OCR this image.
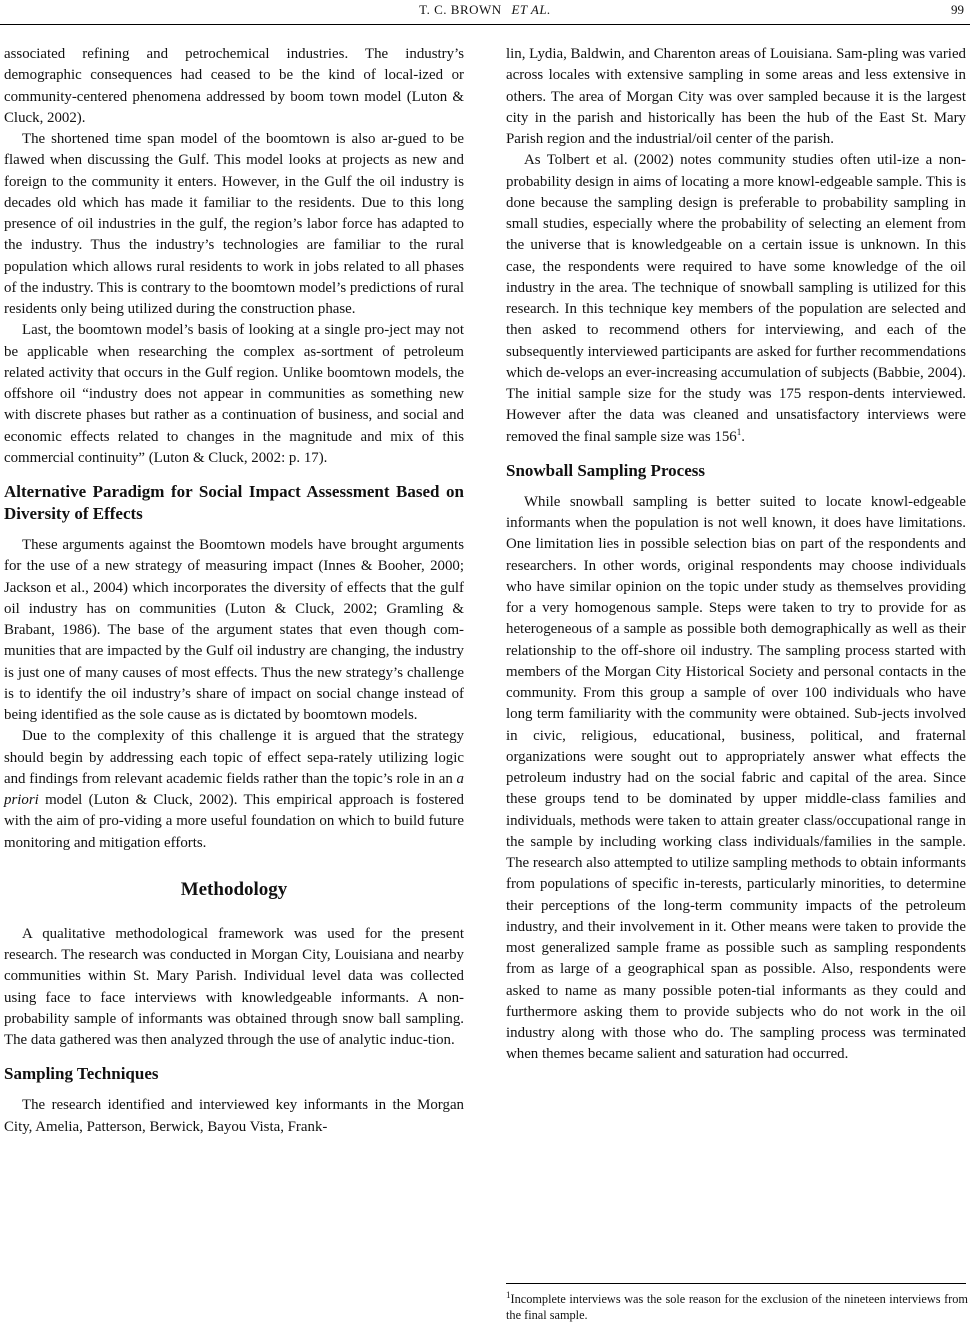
T. C. BROWN ET AL.	99

associated refining and petrochemical industries. The industry’s demographic consequences had ceased to be the kind of local-ized or community-centered phenomena addressed by boom town model (Luton & Cluck, 2002).

The shortened time span model of the boomtown is also ar-gued to be flawed when discussing the Gulf. This model looks at projects as new and foreign to the community it enters. However, in the Gulf the oil industry is decades old which has made it familiar to the residents. Due to this long presence of oil industries in the gulf, the region’s labor force has adapted to the industry. Thus the industry’s technologies are familiar to the rural population which allows rural residents to work in jobs related to all phases of the industry. This is contrary to the boomtown model’s predictions of rural residents only being utilized during the construction phase.

Last, the boomtown model’s basis of looking at a single pro-ject may not be applicable when researching the complex as-sortment of petroleum related activity that occurs in the Gulf region. Unlike boomtown models, the offshore oil “industry does not appear in communities as something new with discrete phases but rather as a continuation of business, and social and economic effects related to changes in the magnitude and mix of this commercial continuity” (Luton & Cluck, 2002: p. 17).

Alternative Paradigm for Social Impact Assessment Based on Diversity of Effects

These arguments against the Boomtown models have brought arguments for the use of a new strategy of measuring impact (Innes & Booher, 2000; Jackson et al., 2004) which incorporates the diversity of effects that the gulf oil industry has on communities (Luton & Cluck, 2002; Gramling & Brabant, 1986). The base of the argument states that even though com-munities that are impacted by the Gulf oil industry are changing, the industry is just one of many causes of most effects. Thus the new strategy’s challenge is to identify the oil industry’s share of impact on social change instead of being identified as the sole cause as is dictated by boomtown models.

Due to the complexity of this challenge it is argued that the strategy should begin by addressing each topic of effect sepa-rately utilizing logic and findings from relevant academic fields rather than the topic’s role in an a priori model (Luton & Cluck, 2002). This empirical approach is fostered with the aim of pro-viding a more useful foundation on which to build future monitoring and mitigation efforts.

Methodology

A qualitative methodological framework was used for the present research. The research was conducted in Morgan City, Louisiana and nearby communities within St. Mary Parish. Individual level data was collected using face to face interviews with knowledgeable informants. A non-probability sample of informants was obtained through snow ball sampling. The data gathered was then analyzed through the use of analytic induc-tion.

Sampling Techniques

The research identified and interviewed key informants in the Morgan City, Amelia, Patterson, Berwick, Bayou Vista, Frank-

lin, Lydia, Baldwin, and Charenton areas of Louisiana. Sam-pling was varied across locales with extensive sampling in some areas and less extensive in others. The area of Morgan City was over sampled because it is the largest city in the parish and historically has been the hub of the East St. Mary Parish region and the industrial/oil center of the parish.

As Tolbert et al. (2002) notes community studies often util-ize a non-probability design in aims of locating a more knowl-edgeable sample. This is done because the sampling design is preferable to probability sampling in small studies, especially where the probability of selecting an element from the universe that is knowledgeable on a certain issue is unknown. In this case, the respondents were required to have some knowledge of the oil industry in the area. The technique of snowball sampling is utilized for this research. In this technique key members of the population are selected and then asked to recommend others for interviewing, and each of the subsequently interviewed participants are asked for further recommendations which de-velops an ever-increasing accumulation of subjects (Babbie, 2004). The initial sample size for the study was 175 respon-dents interviewed. However after the data was cleaned and unsatisfactory interviews were removed the final sample size was $156^1$.

Snowball Sampling Process

While snowball sampling is better suited to locate knowl-edgeable informants when the population is not well known, it does have limitations. One limitation lies in possible selection bias on part of the respondents and researchers. In other words, original respondents may choose individuals who have similar opinion on the topic under study as themselves providing for a very homogenous sample. Steps were taken to try to provide for as heterogeneous of a sample as possible both demographically as well as their relationship to the off-shore oil industry. The sampling process started with members of the Morgan City Historical Society and personal contacts in the community. From this group a sample of over 100 individuals who have long term familiarity with the community were obtained. Sub-jects involved in civic, religious, educational, business, political, and fraternal organizations were sought out to appropriately answer what effects the petroleum industry had on the social fabric and capital of the area. Since these groups tend to be dominated by upper middle-class families and individuals, methods were taken to attain greater class/occupational range in the sample by including working class individuals/families in the sample. The research also attempted to utilize sampling methods to obtain informants from populations of specific in-terests, particularly minorities, to determine their perceptions of the long-term community impacts of the petroleum industry, and their involvement in it. Other means were taken to provide the most generalized sample frame as possible such as sampling respondents from as large of a geographical span as possible. Also, respondents were asked to name as many possible poten-tial informants as they could and furthermore asking them to provide subjects who do not work in the oil industry along with those who do. The sampling process was terminated when themes became salient and saturation had occurred.

$^1$Incomplete interviews was the sole reason for the exclusion of the nineteen interviews from the final sample.
